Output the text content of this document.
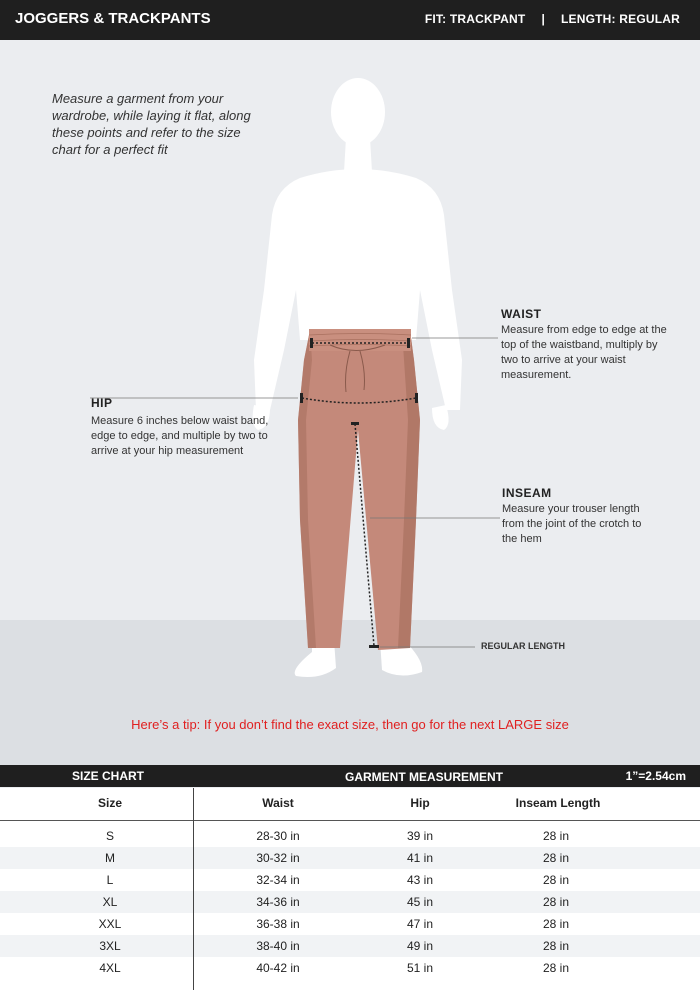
JOGGERS & TRACKPANTS	FIT: TRACKPANT | LENGTH: REGULAR
Measure a garment from your wardrobe, while laying it flat, along these points and refer to the size chart for a perfect fit
WAIST
Measure from edge to edge at the top of the waistband, multiply by two to arrive at your waist measurement.
HIP
Measure 6 inches below waist band, edge to edge, and multiple by two to arrive at your hip measurement
INSEAM
Measure your trouser length from the joint of the crotch to the hem
REGULAR LENGTH
Here’s a tip: If you don’t find the exact size, then go for the next LARGE size
SIZE CHART	GARMENT MEASUREMENT	1”=2.54cm
Size	Waist	Hip	Inseam Length
S	28-30 in	39 in	28 in
M	30-32 in	41 in	28 in
L	32-34 in	43 in	28 in
XL	34-36 in	45 in	28 in
XXL	36-38 in	47 in	28 in
3XL	38-40 in	49 in	28 in
4XL	40-42 in	51 in	28 in
